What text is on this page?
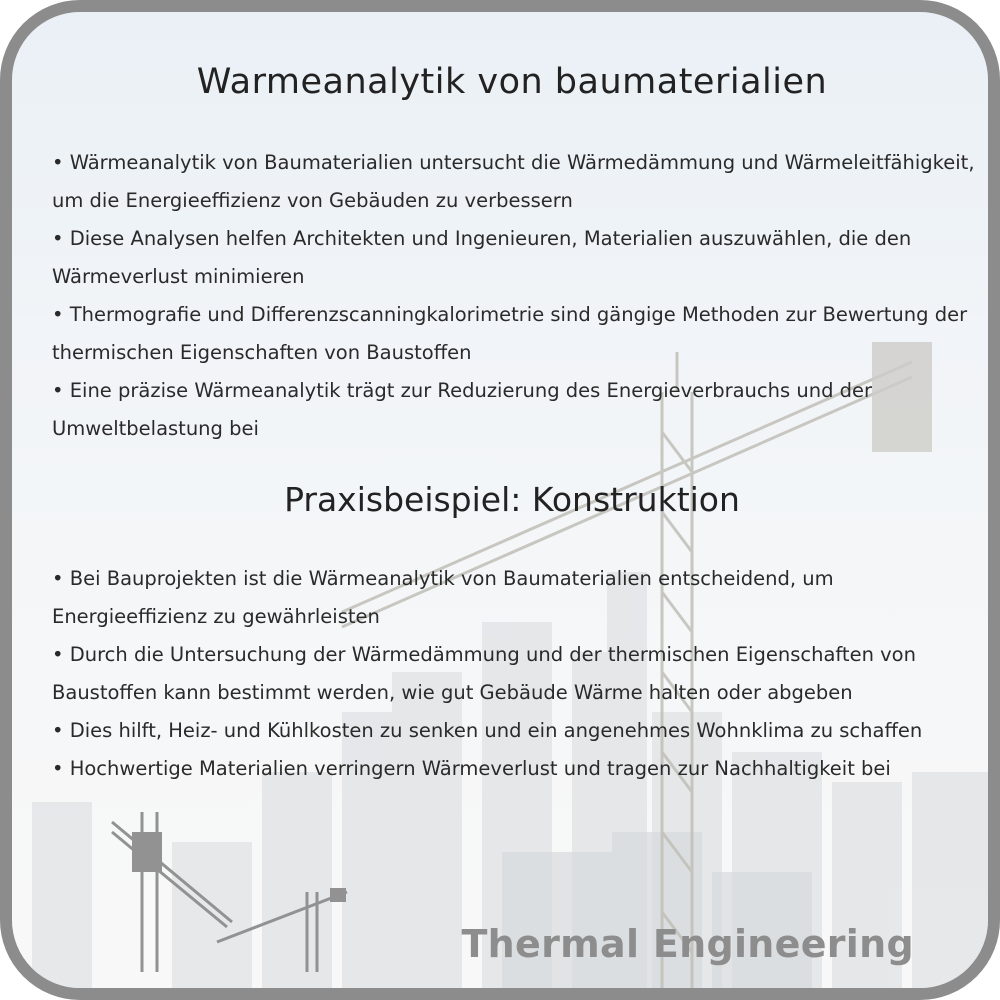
Warmeanalytik von baumaterialien
• Wärmeanalytik von Baumaterialien untersucht die Wärmedämmung und Wärmeleitfähigkeit, um die Energieeffizienz von Gebäuden zu verbessern
• Diese Analysen helfen Architekten und Ingenieuren, Materialien auszuwählen, die den Wärmeverlust minimieren
• Thermografie und Differenzscanningkalorimetrie sind gängige Methoden zur Bewertung der thermischen Eigenschaften von Baustoffen
• Eine präzise Wärmeanalytik trägt zur Reduzierung des Energieverbrauchs und der Umweltbelastung bei
Praxisbeispiel: Konstruktion
• Bei Bauprojekten ist die Wärmeanalytik von Baumaterialien entscheidend, um Energieeffizienz zu gewährleisten
• Durch die Untersuchung der Wärmedämmung und der thermischen Eigenschaften von Baustoffen kann bestimmt werden, wie gut Gebäude Wärme halten oder abgeben
• Dies hilft, Heiz- und Kühlkosten zu senken und ein angenehmes Wohnklima zu schaffen
• Hochwertige Materialien verringern Wärmeverlust und tragen zur Nachhaltigkeit bei
Thermal Engineering
